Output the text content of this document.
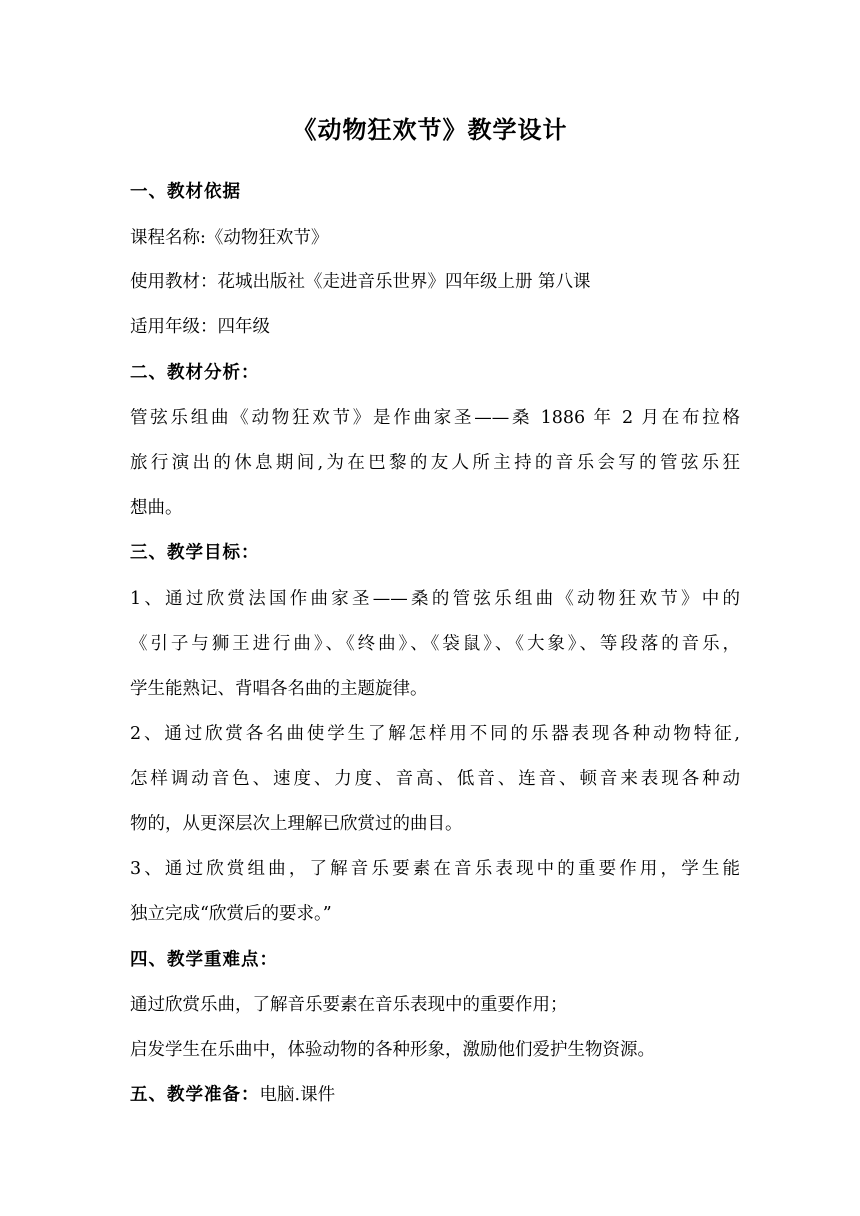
《动物狂欢节》教学设计
一、教材依据
课程名称:《动物狂欢节》
使用教材：花城出版社《走进音乐世界》四年级上册 第八课
适用年级：四年级
二、教材分析：
管弦乐组曲《动物狂欢节》是作曲家圣——桑 1886 年 2 月在布拉格
旅行演出的休息期间,为在巴黎的友人所主持的音乐会写的管弦乐狂
想曲。
三、教学目标：
1、通过欣赏法国作曲家圣——桑的管弦乐组曲《动物狂欢节》中的
《引子与狮王进行曲》、《终曲》、《袋鼠》、《大象》、等段落的音乐，
学生能熟记、背唱各名曲的主题旋律。
2、通过欣赏各名曲使学生了解怎样用不同的乐器表现各种动物特征,
怎样调动音色、速度、力度、音高、低音、连音、顿音来表现各种动
物的，从更深层次上理解已欣赏过的曲目。
3、通过欣赏组曲，了解音乐要素在音乐表现中的重要作用，学生能
独立完成“欣赏后的要求。”
四、教学重难点：
通过欣赏乐曲，了解音乐要素在音乐表现中的重要作用；
启发学生在乐曲中，体验动物的各种形象，激励他们爱护生物资源。
五、教学准备：电脑.课件
